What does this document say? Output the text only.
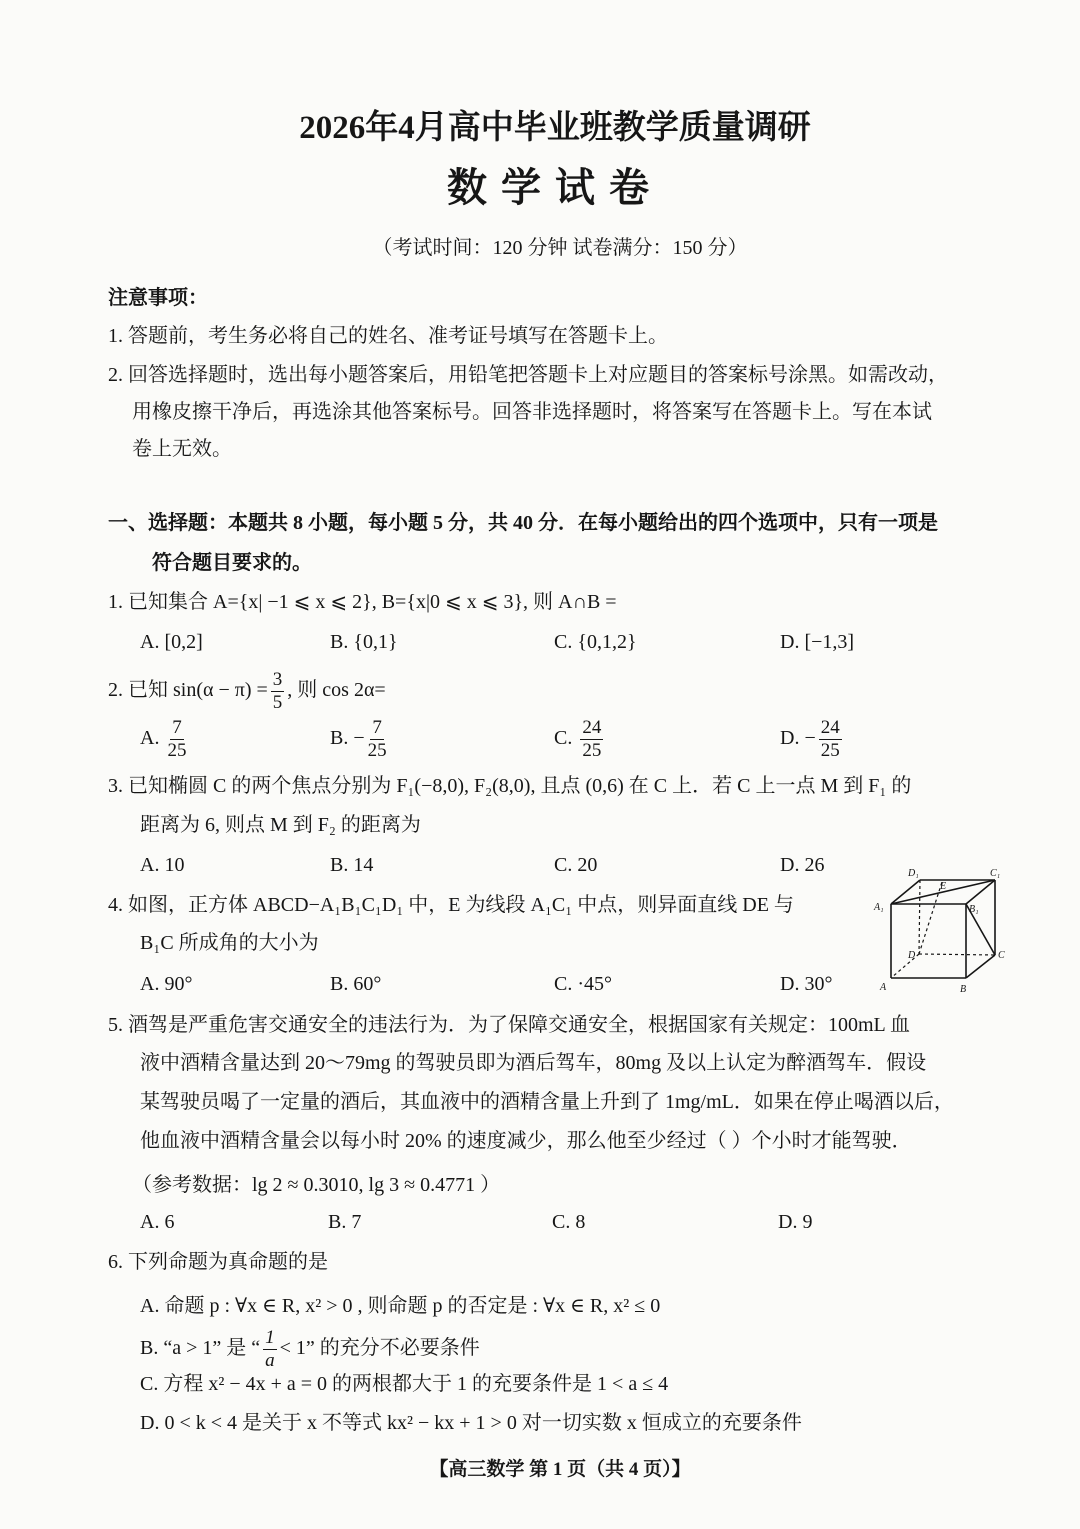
2026年4月高中毕业班教学质量调研
数学试卷
（考试时间：120 分钟 试卷满分：150 分）
注意事项：
1. 答题前，考生务必将自己的姓名、准考证号填写在答题卡上。
2. 回答选择题时，选出每小题答案后，用铅笔把答题卡上对应题目的答案标号涂黑。如需改动，
用橡皮擦干净后，再选涂其他答案标号。回答非选择题时，将答案写在答题卡上。写在本试
卷上无效。
一、选择题：本题共 8 小题，每小题 5 分，共 40 分．在每小题给出的四个选项中，只有一项是
符合题目要求的。
1. 已知集合 A={x| −1 ⩽ x ⩽ 2}, B={x|0 ⩽ x ⩽ 3}, 则 A∩B =
A. [0,2]	B. {0,1}	C. {0,1,2}	D. [−1,3]
2. 已知 $\sin(\alpha - \pi) = \frac{3}{5}$ , 则 cos 2α=
A. $\frac{7}{25}$	B. − $\frac{7}{25}$	C. $\frac{24}{25}$	D. − $\frac{24}{25}$
3. 已知椭圆 C 的两个焦点分别为 F₁(−8,0), F₂(8,0), 且点 (0,6) 在 C 上．若 C 上一点 M 到 F₁ 的
距离为 6, 则点 M 到 F₂ 的距离为
A. 10	B. 14	C. 20	D. 26
4. 如图，正方体 ABCD−A₁B₁C₁D₁ 中，E 为线段 A₁C₁ 中点，则异面直线 DE 与
B₁C 所成角的大小为
A. 90°	B. 60°	C. ·45°	D. 30°
D₁	C₁
A₁	B₁
E
D	C
A	B
5. 酒驾是严重危害交通安全的违法行为．为了保障交通安全，根据国家有关规定：100mL 血
液中酒精含量达到 20～79mg 的驾驶员即为酒后驾车，80mg 及以上认定为醉酒驾车．假设
某驾驶员喝了一定量的酒后，其血液中的酒精含量上升到了 1mg/mL．如果在停止喝酒以后，
他血液中酒精含量会以每小时 20% 的速度减少，那么他至少经过（ ）个小时才能驾驶．
（参考数据：lg 2 ≈ 0.3010, lg 3 ≈ 0.4771 ）
A. 6	B. 7	C. 8	D. 9
6. 下列命题为真命题的是
A. 命题 p : ∀x ∈ R, x² > 0 , 则命题 p 的否定是 : ∀x ∈ R, x² ≤ 0
B. “a > 1” 是 “ $\frac{1}{a} < 1$” 的充分不必要条件
C. 方程 x² − 4x + a = 0 的两根都大于 1 的充要条件是 1 < a ≤ 4
D. 0 < k < 4 是关于 x 不等式 kx² − kx + 1 > 0 对一切实数 x 恒成立的充要条件
【高三数学 第 1 页（共 4 页）】
